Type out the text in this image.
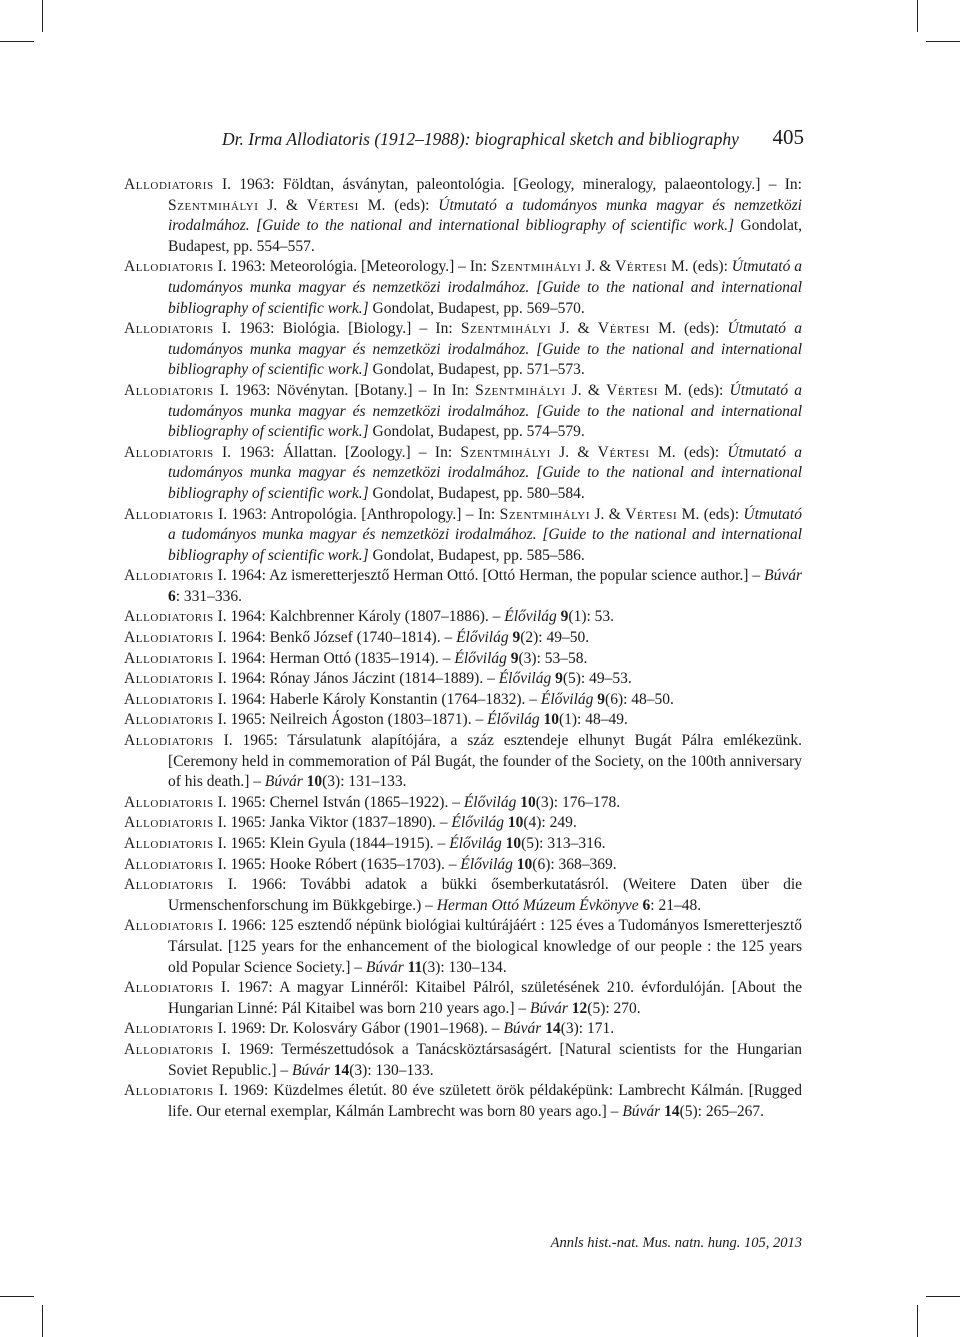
Dr. Irma Allodiatoris (1912–1988): biographical sketch and bibliography 405

Allodiatoris I. 1963: Földtan, ásványtan, paleontológia. [Geology, mineralogy, palaeontology.] – In: Szentmihályi J. & Vértesi M. (eds): Útmutató a tudományos munka magyar és nemzetközi irodalmához. [Guide to the national and international bibliography of scientific work.] Gondolat, Budapest, pp. 554–557.

Allodiatoris I. 1963: Meteorológia. [Meteorology.] – In: Szentmihályi J. & Vértesi M. (eds): Útmutató a tudományos munka magyar és nemzetközi irodalmához. [Guide to the national and international bibliography of scientific work.] Gondolat, Budapest, pp. 569–570.

Allodiatoris I. 1963: Biológia. [Biology.] – In: Szentmihályi J. & Vértesi M. (eds): Útmutató a tudományos munka magyar és nemzetközi irodalmához. [Guide to the national and international bibliography of scientific work.] Gondolat, Budapest, pp. 571–573.

Allodiatoris I. 1963: Növénytan. [Botany.] – In In: Szentmihályi J. & Vértesi M. (eds): Útmutató a tudományos munka magyar és nemzetközi irodalmához. [Guide to the national and international bibliography of scientific work.] Gondolat, Budapest, pp. 574–579.

Allodiatoris I. 1963: Állattan. [Zoology.] – In: Szentmihályi J. & Vértesi M. (eds): Útmutató a tudományos munka magyar és nemzetközi irodalmához. [Guide to the national and international bibliography of scientific work.] Gondolat, Budapest, pp. 580–584.

Allodiatoris I. 1963: Antropológia. [Anthropology.] – In: Szentmihályi J. & Vértesi M. (eds): Útmutató a tudományos munka magyar és nemzetközi irodalmához. [Guide to the national and international bibliography of scientific work.] Gondolat, Budapest, pp. 585–586.

Allodiatoris I. 1964: Az ismeretterjesztő Herman Ottó. [Ottó Herman, the popular science author.] – Búvár 6: 331–336.

Allodiatoris I. 1964: Kalchbrenner Károly (1807–1886). – Élővilág 9(1): 53.

Allodiatoris I. 1964: Benkő József (1740–1814). – Élővilág 9(2): 49–50.

Allodiatoris I. 1964: Herman Ottó (1835–1914). – Élővilág 9(3): 53–58.

Allodiatoris I. 1964: Rónay János Jáczint (1814–1889). – Élővilág 9(5): 49–53.

Allodiatoris I. 1964: Haberle Károly Konstantin (1764–1832). – Élővilág 9(6): 48–50.

Allodiatoris I. 1965: Neilreich Ágoston (1803–1871). – Élővilág 10(1): 48–49.

Allodiatoris I. 1965: Társulatunk alapítójára, a száz esztendeje elhunyt Bugát Pálra emlékezünk. [Ceremony held in commemoration of Pál Bugát, the founder of the Society, on the 100th anniversary of his death.] – Búvár 10(3): 131–133.

Allodiatoris I. 1965: Chernel István (1865–1922). – Élővilág 10(3): 176–178.

Allodiatoris I. 1965: Janka Viktor (1837–1890). – Élővilág 10(4): 249.

Allodiatoris I. 1965: Klein Gyula (1844–1915). – Élővilág 10(5): 313–316.

Allodiatoris I. 1965: Hooke Róbert (1635–1703). – Élővilág 10(6): 368–369.

Allodiatoris I. 1966: További adatok a bükki ősemberkutatásról. (Weitere Daten über die Urmenschenforschung im Bükkgebirge.) – Herman Ottó Múzeum Évkönyve 6: 21–48.

Allodiatoris I. 1966: 125 esztendő népünk biológiai kultúrájáért : 125 éves a Tudományos Ismeretterjesztő Társulat. [125 years for the enhancement of the biological knowledge of our people : the 125 years old Popular Science Society.] – Búvár 11(3): 130–134.

Allodiatoris I. 1967: A magyar Linnéről: Kitaibel Pálról, születésének 210. évfordulóján. [About the Hungarian Linné: Pál Kitaibel was born 210 years ago.] – Búvár 12(5): 270.

Allodiatoris I. 1969: Dr. Kolosváry Gábor (1901–1968). – Búvár 14(3): 171.

Allodiatoris I. 1969: Természettudósok a Tanácsköztársaságért. [Natural scientists for the Hungarian Soviet Republic.] – Búvár 14(3): 130–133.

Allodiatoris I. 1969: Küzdelmes életút. 80 éve született örök példaképünk: Lambrecht Kálmán. [Rugged life. Our eternal exemplar, Kálmán Lambrecht was born 80 years ago.] – Búvár 14(5): 265–267.

Annls hist.-nat. Mus. natn. hung. 105, 2013
